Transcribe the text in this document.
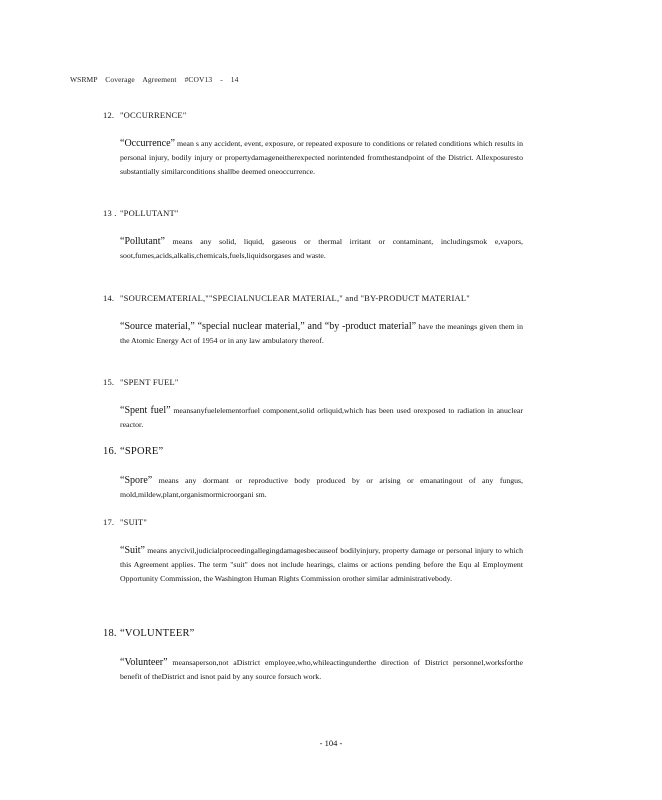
WSRMP Coverage Agreement #COV13 - 14
12. "OCCURRENCE"
“Occurrence” mean s any accident, event, exposure, or repeated exposure to conditions or related conditions which results in personal injury, bodily injury or propertydamageneitherexpected norintended fromthestandpoint of the District. Allexposuresto substantially similarconditions shallbe deemed oneoccurrence.
13 . "POLLUTANT"
“Pollutant” means any solid, liquid, gaseous or thermal irritant or contaminant, includingsmok e,vapors, soot,fumes,acids,alkalis,chemicals,fuels,liquidsorgases and waste.
14. "SOURCEMATERIAL,""SPECIALNUCLEAR MATERIAL," and "BY-PRODUCT MATERIAL"
“Source material,” “special nuclear material,” and “by -product material” have the meanings given them in the Atomic Energy Act of 1954 or in any law ambulatory thereof.
15. "SPENT FUEL"
“Spent fuel” meansanyfuelelementorfuel component,solid orliquid,which has been used orexposed to radiation in anuclear reactor.
16. “SPORE”
“Spore” means any dormant or reproductive body produced by or arising or emanatingout of any fungus, mold,mildew,plant,organismormicroorgani sm.
17. "SUIT"
“Suit” means anycivil,judicialproceedingallegingdamagesbecauseof bodilyinjury, property damage or personal injury to which this Agreement applies. The term "suit" does not include hearings, claims or actions pending before the Equ al Employment Opportunity Commission, the Washington Human Rights Commission orother similar administrativebody.
18. “VOLUNTEER”
“Volunteer” meansaperson,not aDistrict employee,who,whileactingunderthe direction of District personnel,worksforthe benefit of theDistrict and isnot paid by any source forsuch work.
- 104 -
